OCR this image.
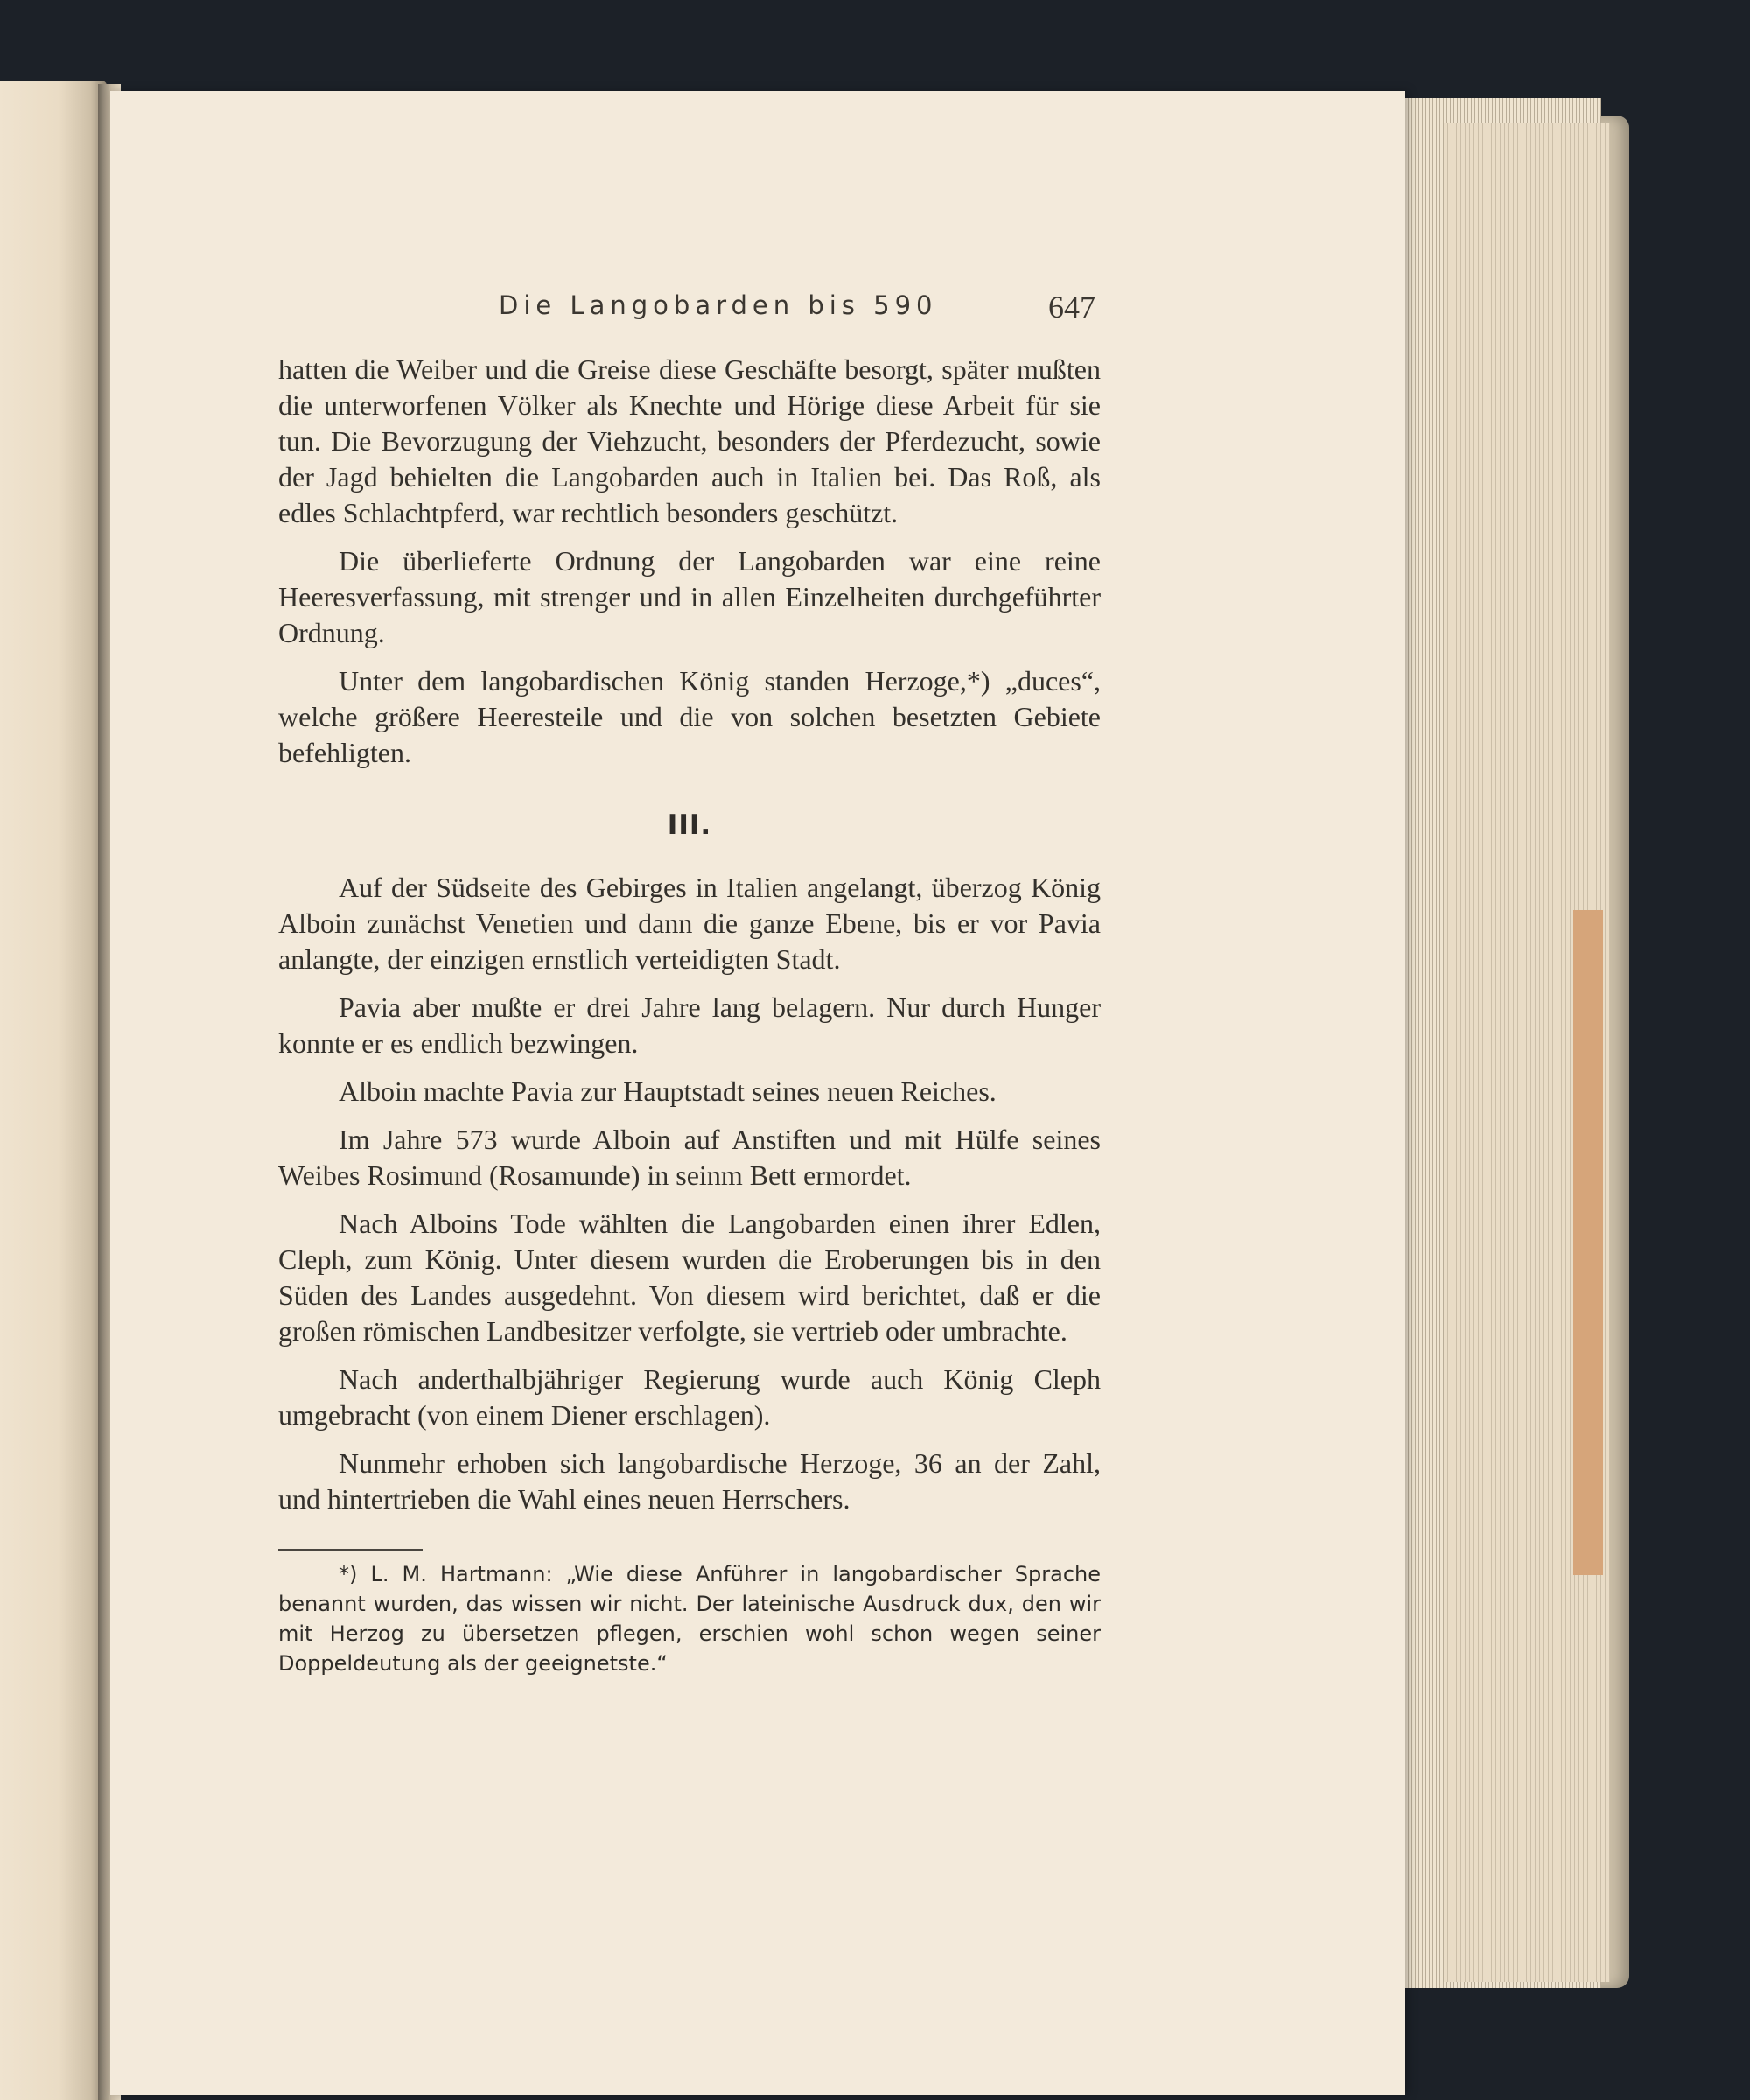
Die Langobarden bis 590	647

hatten die Weiber und die Greise diese Geschäfte besorgt, später mußten die unterworfenen Völker als Knechte und Hörige diese Arbeit für sie tun. Die Bevorzugung der Viehzucht, besonders der Pferdezucht, sowie der Jagd behielten die Langobarden auch in Italien bei. Das Roß, als edles Schlachtpferd, war rechtlich besonders geschützt.

Die überlieferte Ordnung der Langobarden war eine reine Heeresverfassung, mit strenger und in allen Einzelheiten durchgeführter Ordnung.

Unter dem langobardischen König standen Herzoge,*) „duces“, welche größere Heeresteile und die von solchen besetzten Gebiete befehligten.

III.

Auf der Südseite des Gebirges in Italien angelangt, überzog König Alboin zunächst Venetien und dann die ganze Ebene, bis er vor Pavia anlangte, der einzigen ernstlich verteidigten Stadt.

Pavia aber mußte er drei Jahre lang belagern. Nur durch Hunger konnte er es endlich bezwingen.

Alboin machte Pavia zur Hauptstadt seines neuen Reiches.

Im Jahre 573 wurde Alboin auf Anstiften und mit Hülfe seines Weibes Rosimund (Rosamunde) in seinm Bett ermordet.

Nach Alboins Tode wählten die Langobarden einen ihrer Edlen, Cleph, zum König. Unter diesem wurden die Eroberungen bis in den Süden des Landes ausgedehnt. Von diesem wird berichtet, daß er die großen römischen Landbesitzer verfolgte, sie vertrieb oder umbrachte.

Nach anderthalbjähriger Regierung wurde auch König Cleph umgebracht (von einem Diener erschlagen).

Nunmehr erhoben sich langobardische Herzoge, 36 an der Zahl, und hintertrieben die Wahl eines neuen Herrschers.

*) L. M. Hartmann: „Wie diese Anführer in langobardischer Sprache benannt wurden, das wissen wir nicht. Der lateinische Ausdruck dux, den wir mit Herzog zu übersetzen pflegen, erschien wohl schon wegen seiner Doppeldeutung als der geeignetste.“
